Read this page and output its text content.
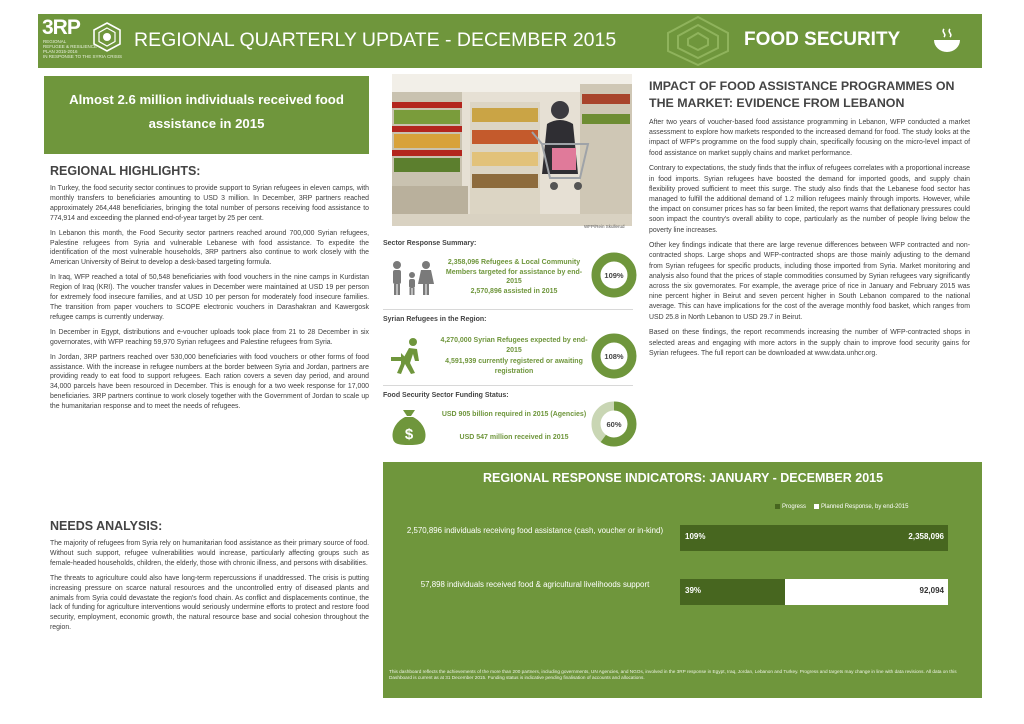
3RP
REGIONAL
REFUGEE & RESILIENCE
PLAN 2015-2016
IN RESPONSE TO THE SYRIA CRISIS
REGIONAL QUARTERLY UPDATE - DECEMBER 2015	FOOD SECURITY
Almost 2.6 million individuals received food assistance in 2015
REGIONAL HIGHLIGHTS:

In Turkey, the food security sector continues to provide support to Syrian refugees in eleven camps, with monthly transfers to beneficiaries amounting to USD 3 million. In December, 3RP partners reached approximately 264,448 beneficiaries, bringing the total number of persons receiving food assistance to 774,914 and exceeding the planned end-of-year target by 25 per cent.

In Lebanon this month, the Food Security sector partners reached around 700,000 Syrian refugees, Palestine refugees from Syria and vulnerable Lebanese with food assistance. To expedite the identification of the most vulnerable households, 3RP partners also continue to work closely with the American University of Beirut to develop a desk-based targeting formula.

In Iraq, WFP reached a total of 50,548 beneficiaries with food vouchers in the nine camps in Kurdistan Region of Iraq (KRI). The voucher transfer values in December were maintained at USD 19 per person for extremely food insecure families, and at USD 10 per person for moderately food insecure families. The transition from paper vouchers to SCOPE electronic vouchers in Darashakran and Kawergosk refugee camps is currently underway.

In December in Egypt, distributions and e-voucher uploads took place from 21 to 28 December in six governorates, with WFP reaching 59,970 Syrian refugees and Palestine refugees from Syria.

In Jordan, 3RP partners reached over 530,000 beneficiaries with food vouchers or other forms of food assistance. With the increase in refugee numbers at the border between Syria and Jordan, partners are providing ready to eat food to support refugees. Each ration covers a seven day period, and around 34,000 parcels have been resourced in December. This is enough for a two week response for 17,000 beneficiaries. 3RP partners continue to work closely together with the Government of Jordan to scale up the humanitarian response and to meet the needs of refugees.

NEEDS ANALYSIS:

The majority of refugees from Syria rely on humanitarian food assistance as their primary source of food. Without such support, refugee vulnerabilities would increase, particularly affecting groups such as female-headed households, children, the elderly, those with chronic illness, and persons with disabilities.

The threats to agriculture could also have long-term repercussions if unaddressed. The crisis is putting increasing pressure on scarce natural resources and the uncontrolled entry of diseased plants and animals from Syria could devastate the region's food chain. As conflict and displacements continue, the lack of funding for agriculture interventions would seriously undermine efforts to protect and restore food security, employment, economic growth, the natural resource base and social cohesion throughout the region.

WFP/Rein Skullerud
Sector Response Summary:
2,358,096 Refugees & Local Community Members targeted for assistance by end-2015
2,570,896 assisted in 2015
109%
Syrian Refugees in the Region:
4,270,000 Syrian Refugees expected by end-2015
4,591,939 currently registered or awaiting registration
108%
Food Security Sector Funding Status:
$
USD 905 billion required in 2015 (Agencies)
USD 547 million received in 2015
60%
IMPACT OF FOOD ASSISTANCE PROGRAMMES ON THE MARKET: EVIDENCE FROM LEBANON

After two years of voucher-based food assistance programming in Lebanon, WFP conducted a market assessment to explore how markets responded to the increased demand for food. The study looks at the impact of WFP's programme on the food supply chain, specifically focusing on the micro-level impact of food assistance on market supply chains and market performance.

Contrary to expectations, the study finds that the influx of refugees correlates with a proportional increase in food imports. Syrian refugees have boosted the demand for imported goods, and supply chain flexibility proved sufficient to meet this surge. The study also finds that the Lebanese food sector has managed to fulfill the additional demand of 1.2 million refugees mainly through imports. However, while the impact on consumer prices has so far been limited, the report warns that deflationary pressures could soon impact the country's overall ability to cope, particularly as the number of people living below the poverty line increases.

Other key findings indicate that there are large revenue differences between WFP contracted and non-contracted shops. Large shops and WFP-contracted shops are those mainly adjusting to the demand from Syrian refugees for specific products, including those imported from Syria. Market monitoring and analysis also found that the prices of staple commodities consumed by Syrian refugees vary significantly across the six governorates. For example, the average price of rice in January and February 2015 was nine percent higher in Beirut and seven percent higher in South Lebanon compared to the national average. This can have implications for the cost of the average monthly food basket, which ranges from USD 25.8 in North Lebanon to USD 29.7 in Beirut.

Based on these findings, the report recommends increasing the number of WFP-contracted shops in selected areas and engaging with more actors in the supply chain to improve food security gains for Syrian refugees. The full report can be downloaded at www.data.unhcr.org.

REGIONAL RESPONSE INDICATORS: JANUARY - DECEMBER 2015
Progress	Planned Response, by end-2015
2,570,896 individuals receiving food assistance (cash, voucher or in-kind)
109%	2,358,096
57,898 individuals received food & agricultural livelihoods support
39%	92,094
This dashboard reflects the achievements of the more than 200 partners, including governments, UN Agencies, and NGOs, involved in the 3RP response in Egypt, Iraq, Jordan, Lebanon and Turkey. Progress and targets may change in line with data revisions. All data on this Dashboard is current as at 31 December 2015. Funding status is indicative pending finalisation of accounts and allocations.
